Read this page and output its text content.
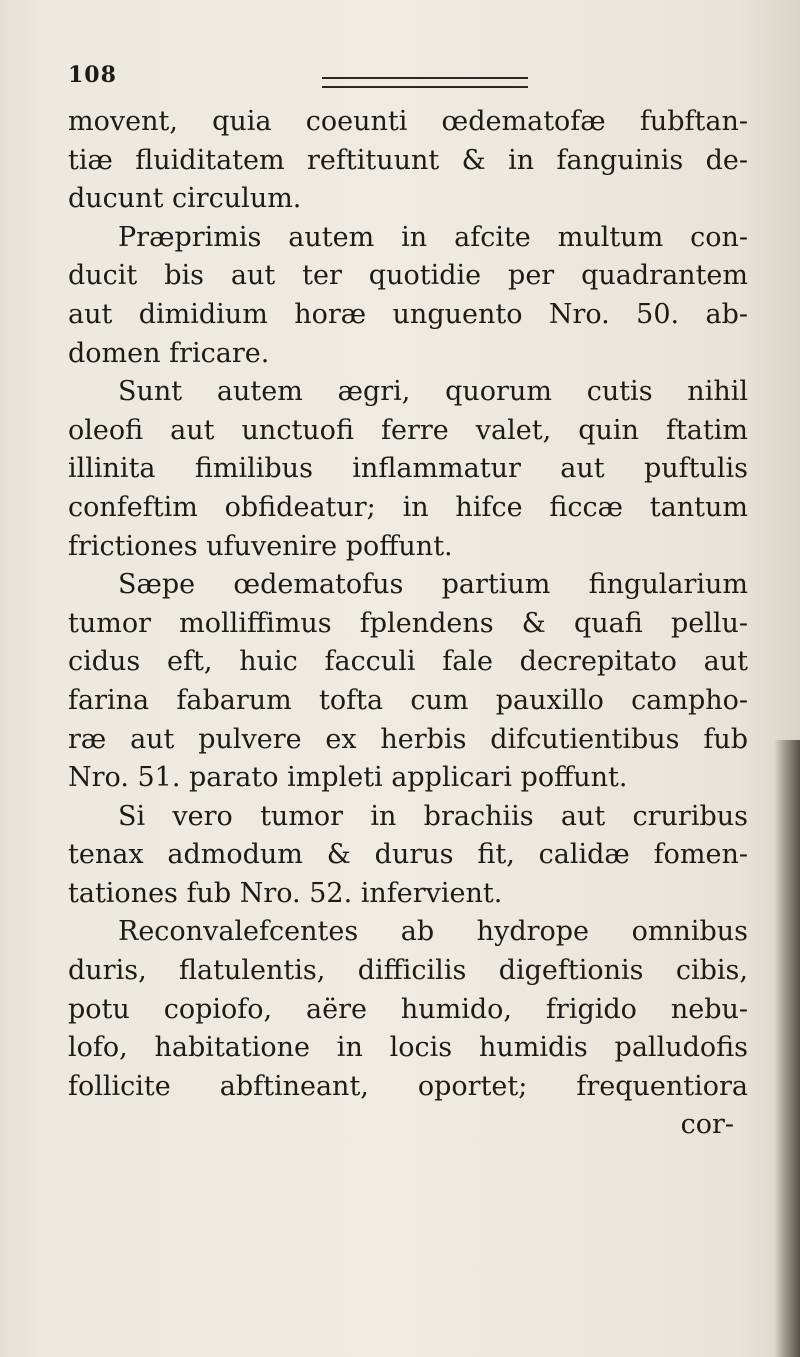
108
movent, quia coeunti œdematofæ fubftan-
tiæ fluiditatem reftituunt & in fanguinis de-
ducunt circulum.
Præprimis autem in afcite multum con-
ducit bis aut ter quotidie per quadrantem
aut dimidium horæ unguento Nro. 50. ab-
domen fricare.
Sunt autem ægri, quorum cutis nihil
oleofi aut unctuofi ferre valet, quin ftatim
illinita fimilibus inflammatur aut puftulis
confeftim obfideatur; in hifce ficcæ tantum
frictiones ufuvenire poffunt.
Sæpe œdematofus partium fingularium
tumor molliffimus fplendens & quafi pellu-
cidus eft, huic facculi fale decrepitato aut
farina fabarum tofta cum pauxillo campho-
ræ aut pulvere ex herbis difcutientibus fub
Nro. 51. parato impleti applicari poffunt.
Si vero tumor in brachiis aut cruribus
tenax admodum & durus fit, calidæ fomen-
tationes fub Nro. 52. infervient.
Reconvalefcentes ab hydrope omnibus
duris, flatulentis, difficilis digeftionis cibis,
potu copiofo, aëre humido, frigido nebu-
lofo, habitatione in locis humidis palludofis
follicite abftineant, oportet; frequentiora
cor-
